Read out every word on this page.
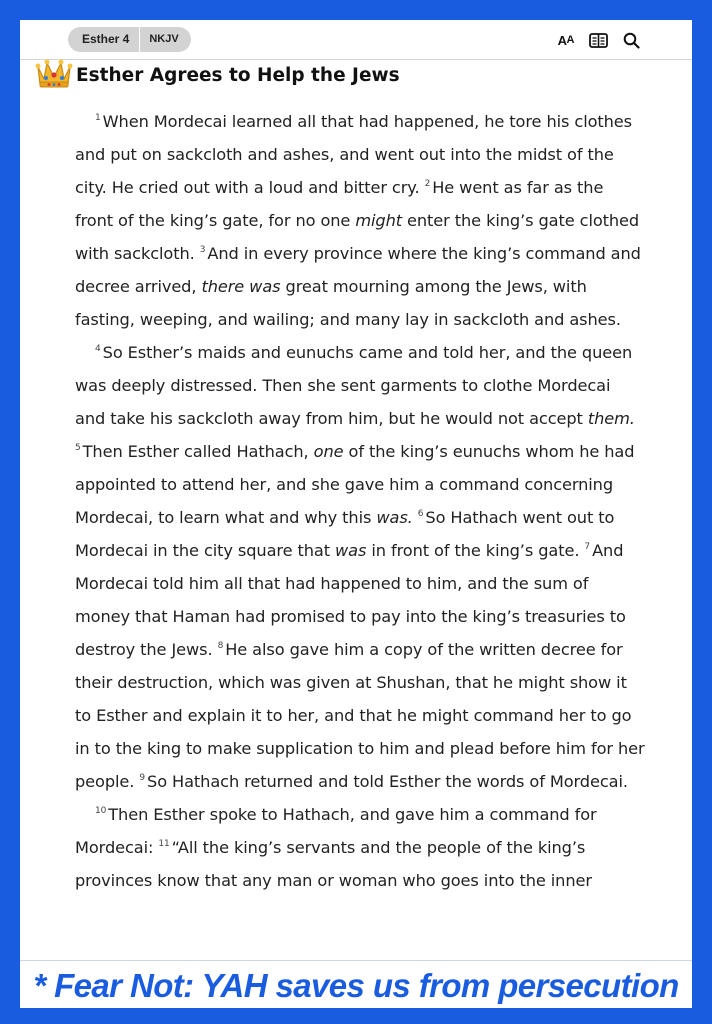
Esther 4	NKJV	A A
Esther Agrees to Help the Jews

$^1$ When Mordecai learned all that had happened, he tore his clothes and put on sackcloth and ashes, and went out into the midst of the city. He cried out with a loud and bitter cry. $^2$ He went as far as the front of the king’s gate, for no one might enter the king’s gate clothed with sackcloth. $^3$ And in every province where the king’s command and decree arrived, there was great mourning among the Jews, with fasting, weeping, and wailing; and many lay in sackcloth and ashes.

$^4$ So Esther’s maids and eunuchs came and told her, and the queen was deeply distressed. Then she sent garments to clothe Mordecai and take his sackcloth away from him, but he would not accept them. $^5$ Then Esther called Hathach, one of the king’s eunuchs whom he had appointed to attend her, and she gave him a command concerning Mordecai, to learn what and why this was. $^6$ So Hathach went out to Mordecai in the city square that was in front of the king’s gate. $^7$ And Mordecai told him all that had happened to him, and the sum of money that Haman had promised to pay into the king’s treasuries to destroy the Jews. $^8$ He also gave him a copy of the written decree for their destruction, which was given at Shushan, that he might show it to Esther and explain it to her, and that he might command her to go in to the king to make supplication to him and plead before him for her people. $^9$ So Hathach returned and told Esther the words of Mordecai.

$^{10}$ Then Esther spoke to Hathach, and gave him a command for Mordecai: $^{11}$ “All the king’s servants and the people of the king’s provinces know that any man or woman who goes into the inner

* Fear Not: YAH saves us from persecution
